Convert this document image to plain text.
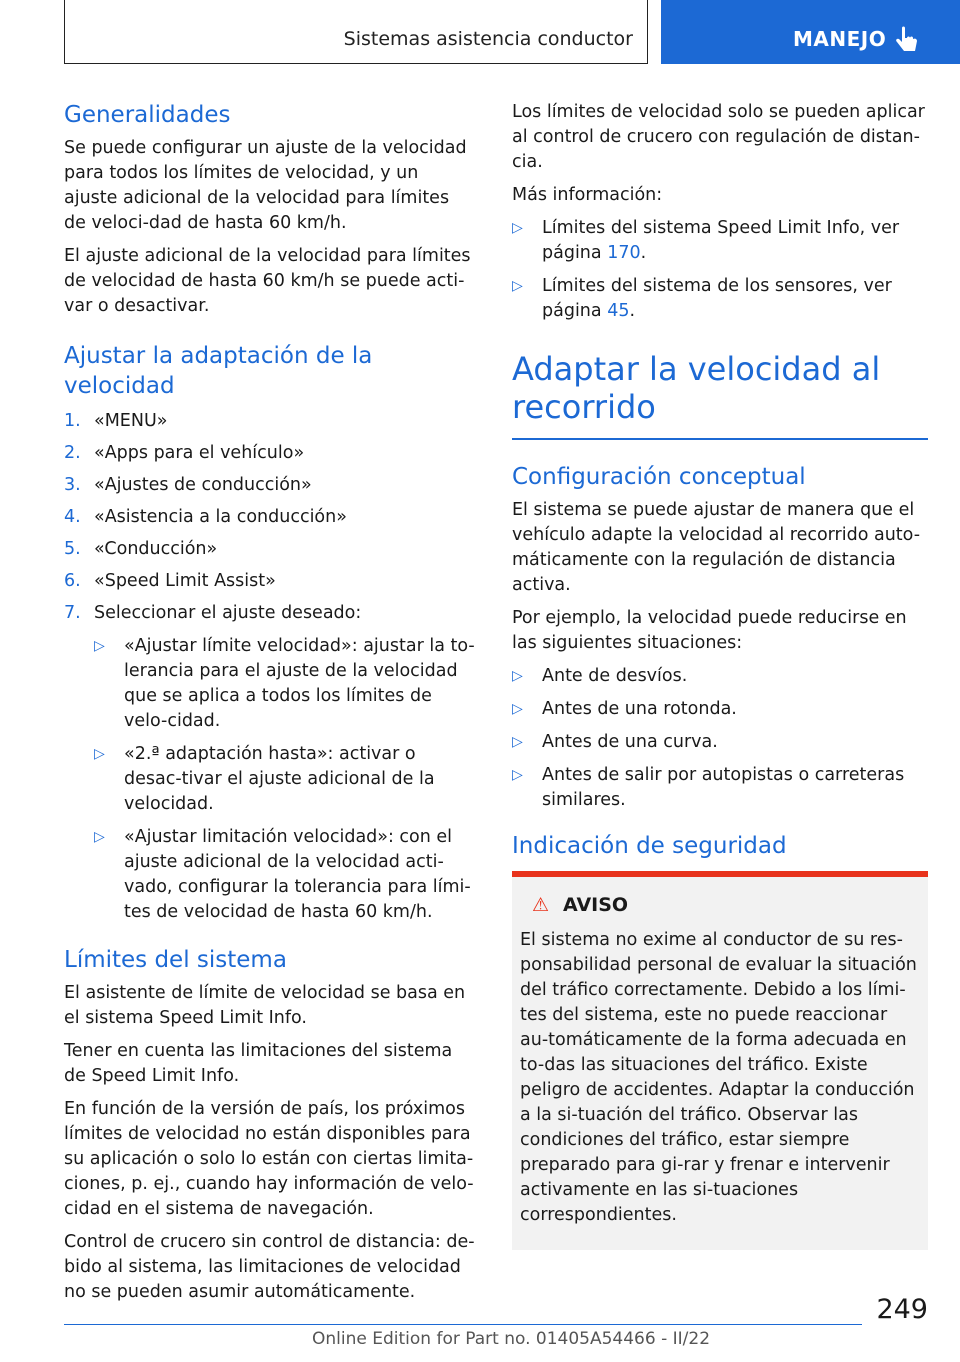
Sistemas asistencia conductor	MANEJO
Generalidades

Se puede configurar un ajuste de la velocidad para todos los límites de velocidad, y un ajuste adicional de la velocidad para límites de veloci-dad de hasta 60 km/h.

El ajuste adicional de la velocidad para límites de velocidad de hasta 60 km/h se puede acti-var o desactivar.

Ajustar la adaptación de la velocidad
1. «MENU»
2. «Apps para el vehículo»
3. «Ajustes de conducción»
4. «Asistencia a la conducción»
5. «Conducción»
6. «Speed Limit Assist»
7. Seleccionar el ajuste deseado:
▷ «Ajustar límite velocidad»: ajustar la to-lerancia para el ajuste de la velocidad que se aplica a todos los límites de velo-cidad.
▷ «2.ª adaptación hasta»: activar o desac-tivar el ajuste adicional de la velocidad.
▷ «Ajustar limitación velocidad»: con el ajuste adicional de la velocidad acti-vado, configurar la tolerancia para lími-tes de velocidad de hasta 60 km/h.
Límites del sistema

El asistente de límite de velocidad se basa en el sistema Speed Limit Info.

Tener en cuenta las limitaciones del sistema de Speed Limit Info.

En función de la versión de país, los próximos límites de velocidad no están disponibles para su aplicación o solo lo están con ciertas limita-ciones, p. ej., cuando hay información de velo-cidad en el sistema de navegación.

Control de crucero sin control de distancia: de-bido al sistema, las limitaciones de velocidad no se pueden asumir automáticamente.

Los límites de velocidad solo se pueden aplicar al control de crucero con regulación de distan-cia.

Más información:

▷ Límites del sistema Speed Limit Info, ver página 170.
▷ Límites del sistema de los sensores, ver página 45.
Adaptar la velocidad al recorrido
Configuración conceptual

El sistema se puede ajustar de manera que el vehículo adapte la velocidad al recorrido auto-máticamente con la regulación de distancia activa.

Por ejemplo, la velocidad puede reducirse en las siguientes situaciones:

▷ Ante de desvíos.
▷ Antes de una rotonda.
▷ Antes de una curva.
▷ Antes de salir por autopistas o carreteras similares.
Indicación de seguridad
⚠ AVISO
El sistema no exime al conductor de su res-ponsabilidad personal de evaluar la situación del tráfico correctamente. Debido a los lími-tes del sistema, este no puede reaccionar au-tomáticamente de la forma adecuada en to-das las situaciones del tráfico. Existe peligro de accidentes. Adaptar la conducción a la si-tuación del tráfico. Observar las condiciones del tráfico, estar siempre preparado para gi-rar y frenar e intervenir activamente en las si-tuaciones correspondientes.
249
Online Edition for Part no. 01405A54466 - II/22
